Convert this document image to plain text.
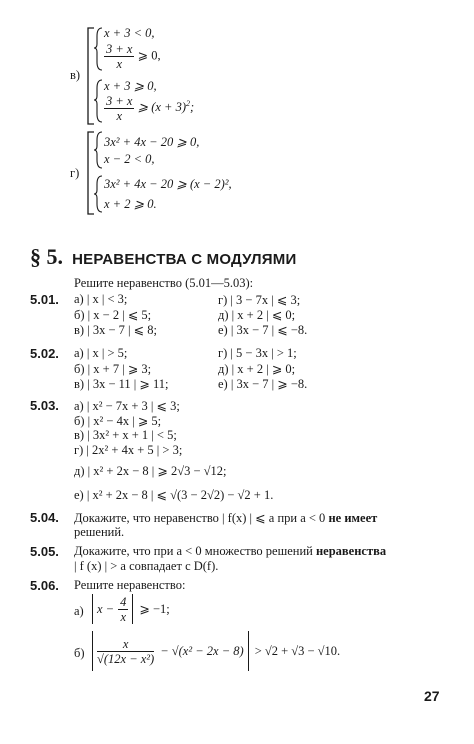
в)
x + 3 < 0,
$\frac{3 + x}{x}$ ⩾ 0,
x + 3 ⩾ 0,
$\frac{3 + x}{x}$ ⩾ $(x + 3)^2$;
г)
3x² + 4x − 20 ⩾ 0,
x − 2 < 0,
3x² + 4x − 20 ⩾ (x − 2)²,
x + 2 ⩾ 0.
§ 5. НЕРАВЕНСТВА С МОДУЛЯМИ
Решите неравенство (5.01—5.03):
5.01. а) | x | < 3;
б) | x − 2 | ⩽ 5;
в) | 3x − 7 | ⩽ 8;
г) | 3 − 7x | ⩽ 3;
д) | x + 2 | ⩽ 0;
е) | 3x − 7 | ⩽ −8.
5.02. а) | x | > 5;
б) | x + 7 | ⩾ 3;
в) | 3x − 11 | ⩾ 11;
г) | 5 − 3x | > 1;
д) | x + 2 | ⩾ 0;
е) | 3x − 7 | ⩾ −8.
5.03. а) | x² − 7x + 3 | ⩽ 3;
б) | x² − 4x | ⩾ 5;
в) | 3x² + x + 1 | < 5;
г) | 2x² + 4x + 5 | > 3;
д) | x² + 2x − 8 | ⩾ 2√3 − √12;
е) | x² + 2x − 8 | ⩽ √(3 − 2√2) − √2 + 1.
5.04. Докажите, что неравенство | f(x) | ⩽ a при a < 0 не имеет
решений.
5.05. Докажите, что при a < 0 множество решений неравенства
| f (x) | > a совпадает с D(f).
5.06. Решите неравенство:
а) $x - \frac{4}{x}$ ⩾ −1;
$б) \frac{x}{\text{√(12x − x²)}} - √(x^2 - 2x - 8) > √2 + √3 - √10$.
27
